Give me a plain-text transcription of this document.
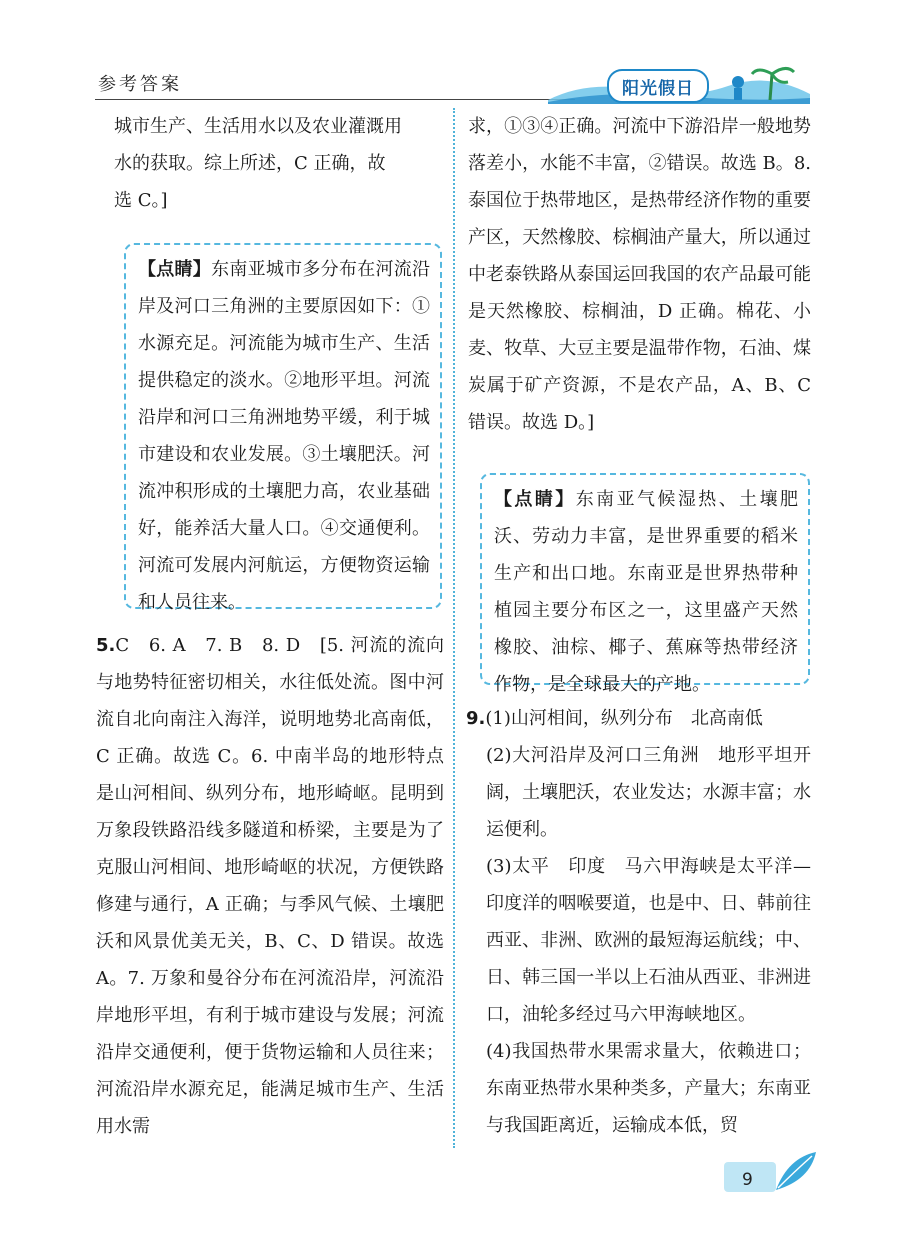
参考答案	阳光假日

城市生产、生活用水以及农业灌溉用

水的获取。综上所述，C 正确，故

选 C。]

【点睛】东南亚城市多分布在河流沿岸及河口三角洲的主要原因如下：①水源充足。河流能为城市生产、生活提供稳定的淡水。②地形平坦。河流沿岸和河口三角洲地势平缓，利于城市建设和农业发展。③土壤肥沃。河流冲积形成的土壤肥力高，农业基础好，能养活大量人口。④交通便利。河流可发展内河航运，方便物资运输和人员往来。

5.C　6. A　7. B　8. D　[5. 河流的流向与地势特征密切相关，水往低处流。图中河流自北向南注入海洋，说明地势北高南低，C 正确。故选 C。6. 中南半岛的地形特点是山河相间、纵列分布，地形崎岖。昆明到万象段铁路沿线多隧道和桥梁，主要是为了克服山河相间、地形崎岖的状况，方便铁路修建与通行，A 正确；与季风气候、土壤肥沃和风景优美无关，B、C、D 错误。故选 A。7. 万象和曼谷分布在河流沿岸，河流沿岸地形平坦，有利于城市建设与发展；河流沿岸交通便利，便于货物运输和人员往来；河流沿岸水源充足，能满足城市生产、生活用水需

求，①③④正确。河流中下游沿岸一般地势落差小，水能不丰富，②错误。故选 B。8. 泰国位于热带地区，是热带经济作物的重要产区，天然橡胶、棕榈油产量大，所以通过中老泰铁路从泰国运回我国的农产品最可能是天然橡胶、棕榈油，D 正确。棉花、小麦、牧草、大豆主要是温带作物，石油、煤炭属于矿产资源，不是农产品，A、B、C 错误。故选 D。]

【点睛】东南亚气候湿热、土壤肥沃、劳动力丰富，是世界重要的稻米生产和出口地。东南亚是世界热带种植园主要分布区之一，这里盛产天然橡胶、油棕、椰子、蕉麻等热带经济作物，是全球最大的产地。

9.(1)山河相间，纵列分布　北高南低

(2)大河沿岸及河口三角洲　地形平坦开阔，土壤肥沃，农业发达；水源丰富；水运便利。

(3)太平　印度　马六甲海峡是太平洋—印度洋的咽喉要道，也是中、日、韩前往西亚、非洲、欧洲的最短海运航线；中、日、韩三国一半以上石油从西亚、非洲进口，油轮多经过马六甲海峡地区。

(4)我国热带水果需求量大，依赖进口；东南亚热带水果种类多，产量大；东南亚与我国距离近，运输成本低，贸

9
